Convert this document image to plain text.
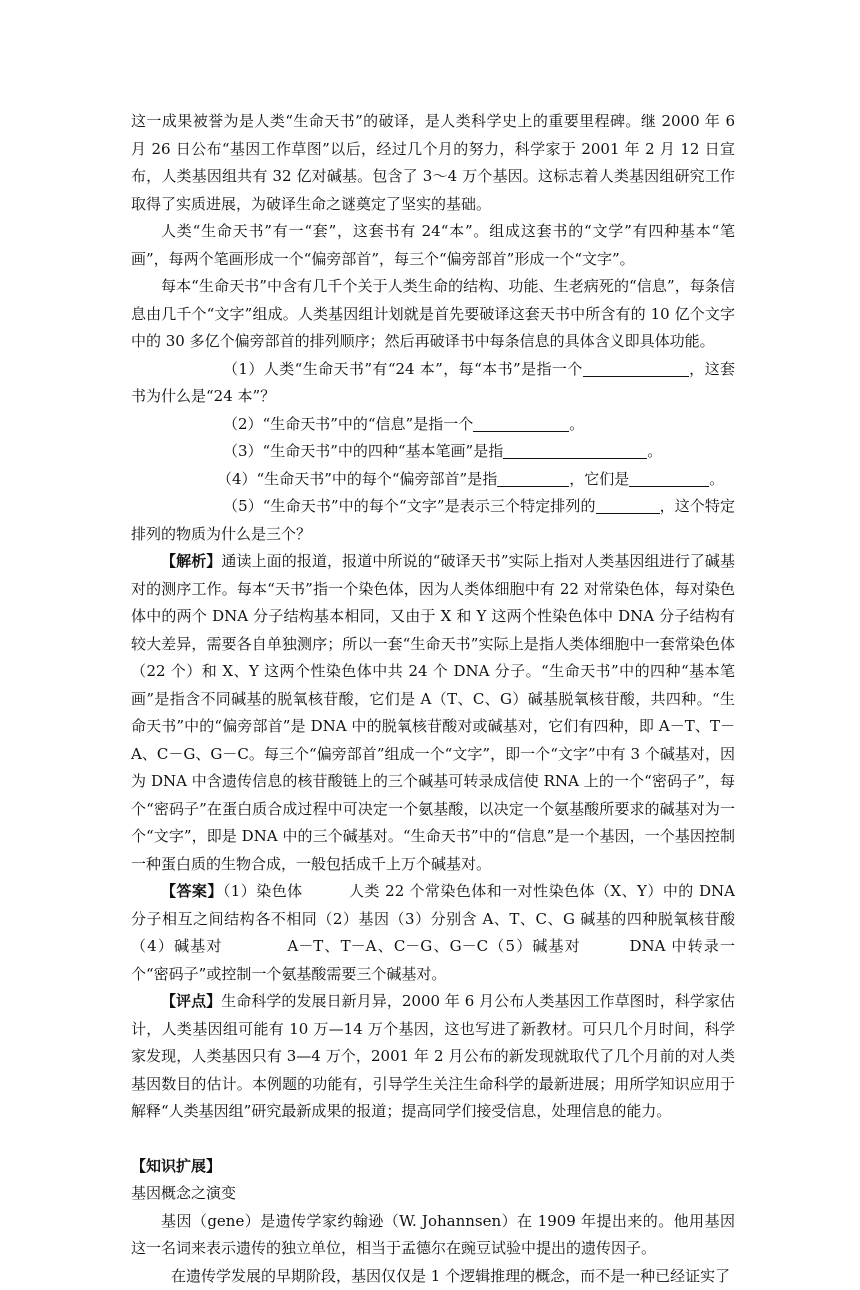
这一成果被誉为是人类“生命天书”的破译，是人类科学史上的重要里程碑。继 2000 年 6 月 26 日公布“基因工作草图”以后，经过几个月的努力，科学家于 2001 年 2 月 12 日宣布，人类基因组共有 32 亿对碱基。包含了 3～4 万个基因。这标志着人类基因组研究工作取得了实质进展，为破译生命之谜奠定了坚实的基础。

人类“生命天书”有一“套”，这套书有 24“本”。组成这套书的“文学”有四种基本“笔画”，每两个笔画形成一个“偏旁部首”，每三个“偏旁部首”形成一个“文字”。

每本“生命天书”中含有几千个关于人类生命的结构、功能、生老病死的“信息”，每条信息由几千个“文字”组成。人类基因组计划就是首先要破译这套天书中所含有的 10 亿个文字中的 30 多亿个偏旁部首的排列顺序；然后再破译书中每条信息的具体含义即具体功能。

（1）人类“生命天书”有“24 本”，每“本书”是指一个	，这套书为什么是“24 本”？

（2）“生命天书”中的“信息”是指一个	。

（3）“生命天书”中的四种“基本笔画”是指	。

（4）“生命天书”中的每个“偏旁部首”是指	，它们是	。

（5）“生命天书”中的每个“文字”是表示三个特定排列的	，这个特定排列的物质为什么是三个？

【解析】通读上面的报道，报道中所说的“破译天书”实际上指对人类基因组进行了碱基对的测序工作。每本“天书”指一个染色体，因为人类体细胞中有 22 对常染色体，每对染色体中的两个 DNA 分子结构基本相同，又由于 X 和 Y 这两个性染色体中 DNA 分子结构有较大差异，需要各自单独测序；所以一套“生命天书”实际上是指人类体细胞中一套常染色体（22 个）和 X、Y 这两个性染色体中共 24 个 DNA 分子。“生命天书”中的四种“基本笔画”是指含不同碱基的脱氧核苷酸，它们是 A（T、C、G）碱基脱氧核苷酸，共四种。“生命天书”中的“偏旁部首”是 DNA 中的脱氧核苷酸对或碱基对，它们有四种，即 A－T、T－A、C－G、G－C。每三个“偏旁部首”组成一个“文字”，即一个“文字”中有 3 个碱基对，因为 DNA 中含遗传信息的核苷酸链上的三个碱基可转录成信使 RNA 上的一个“密码子”，每个“密码子”在蛋白质合成过程中可决定一个氨基酸，以决定一个氨基酸所要求的碱基对为一个“文字”，即是 DNA 中的三个碱基对。“生命天书”中的“信息”是一个基因，一个基因控制一种蛋白质的生物合成，一般包括成千上万个碱基对。

【答案】（1）染色体　　　人类 22 个常染色体和一对性染色体（X、Y）中的 DNA 分子相互之间结构各不相同（2）基因（3）分别含 A、T、C、G 碱基的四种脱氧核苷酸 （4）碱基对　　　　A－T、T－A、C－G、G－C（5）碱基对　　　DNA 中转录一个“密码子”或控制一个氨基酸需要三个碱基对。

【评点】生命科学的发展日新月异，2000 年 6 月公布人类基因工作草图时，科学家估计，人类基因组可能有 10 万—14 万个基因，这也写进了新教材。可只几个月时间，科学家发现，人类基因只有 3—4 万个，2001 年 2 月公布的新发现就取代了几个月前的对人类基因数目的估计。本例题的功能有，引导学生关注生命科学的最新进展；用所学知识应用于解释“人类基因组”研究最新成果的报道；提高同学们接受信息，处理信息的能力。

【知识扩展】

基因概念之演变

基因（gene）是遗传学家约翰逊（W. Johannsen）在 1909 年提出来的。他用基因这一名词来表示遗传的独立单位，相当于孟德尔在豌豆试验中提出的遗传因子。

在遗传学发展的早期阶段，基因仅仅是 1 个逻辑推理的概念，而不是一种已经证实了
